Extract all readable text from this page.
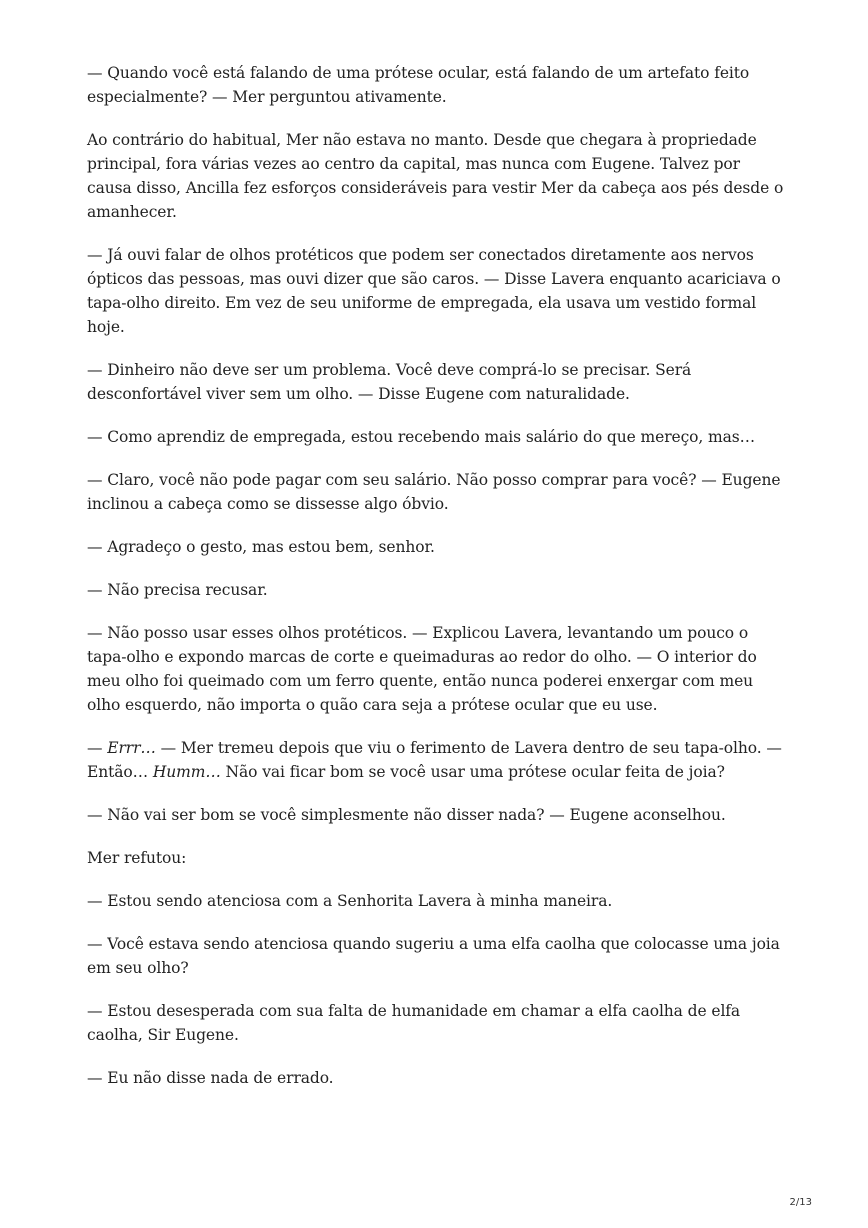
— Quando você está falando de uma prótese ocular, está falando de um artefato feito especialmente? — Mer perguntou ativamente.

Ao contrário do habitual, Mer não estava no manto. Desde que chegara à propriedade principal, fora várias vezes ao centro da capital, mas nunca com Eugene. Talvez por causa disso, Ancilla fez esforços consideráveis para vestir Mer da cabeça aos pés desde o amanhecer.

— Já ouvi falar de olhos protéticos que podem ser conectados diretamente aos nervos ópticos das pessoas, mas ouvi dizer que são caros. — Disse Lavera enquanto acariciava o tapa-olho direito. Em vez de seu uniforme de empregada, ela usava um vestido formal hoje.

— Dinheiro não deve ser um problema. Você deve comprá-lo se precisar. Será desconfortável viver sem um olho. — Disse Eugene com naturalidade.

— Como aprendiz de empregada, estou recebendo mais salário do que mereço, mas…

— Claro, você não pode pagar com seu salário. Não posso comprar para você? — Eugene inclinou a cabeça como se dissesse algo óbvio.

— Agradeço o gesto, mas estou bem, senhor.

— Não precisa recusar.

— Não posso usar esses olhos protéticos. — Explicou Lavera, levantando um pouco o tapa-olho e expondo marcas de corte e queimaduras ao redor do olho. — O interior do meu olho foi queimado com um ferro quente, então nunca poderei enxergar com meu olho esquerdo, não importa o quão cara seja a prótese ocular que eu use.

— Errr… — Mer tremeu depois que viu o ferimento de Lavera dentro de seu tapa-olho. — Então… Humm… Não vai ficar bom se você usar uma prótese ocular feita de joia?

— Não vai ser bom se você simplesmente não disser nada? — Eugene aconselhou.

Mer refutou:

— Estou sendo atenciosa com a Senhorita Lavera à minha maneira.

— Você estava sendo atenciosa quando sugeriu a uma elfa caolha que colocasse uma joia em seu olho?

— Estou desesperada com sua falta de humanidade em chamar a elfa caolha de elfa caolha, Sir Eugene.

— Eu não disse nada de errado.

2/13
